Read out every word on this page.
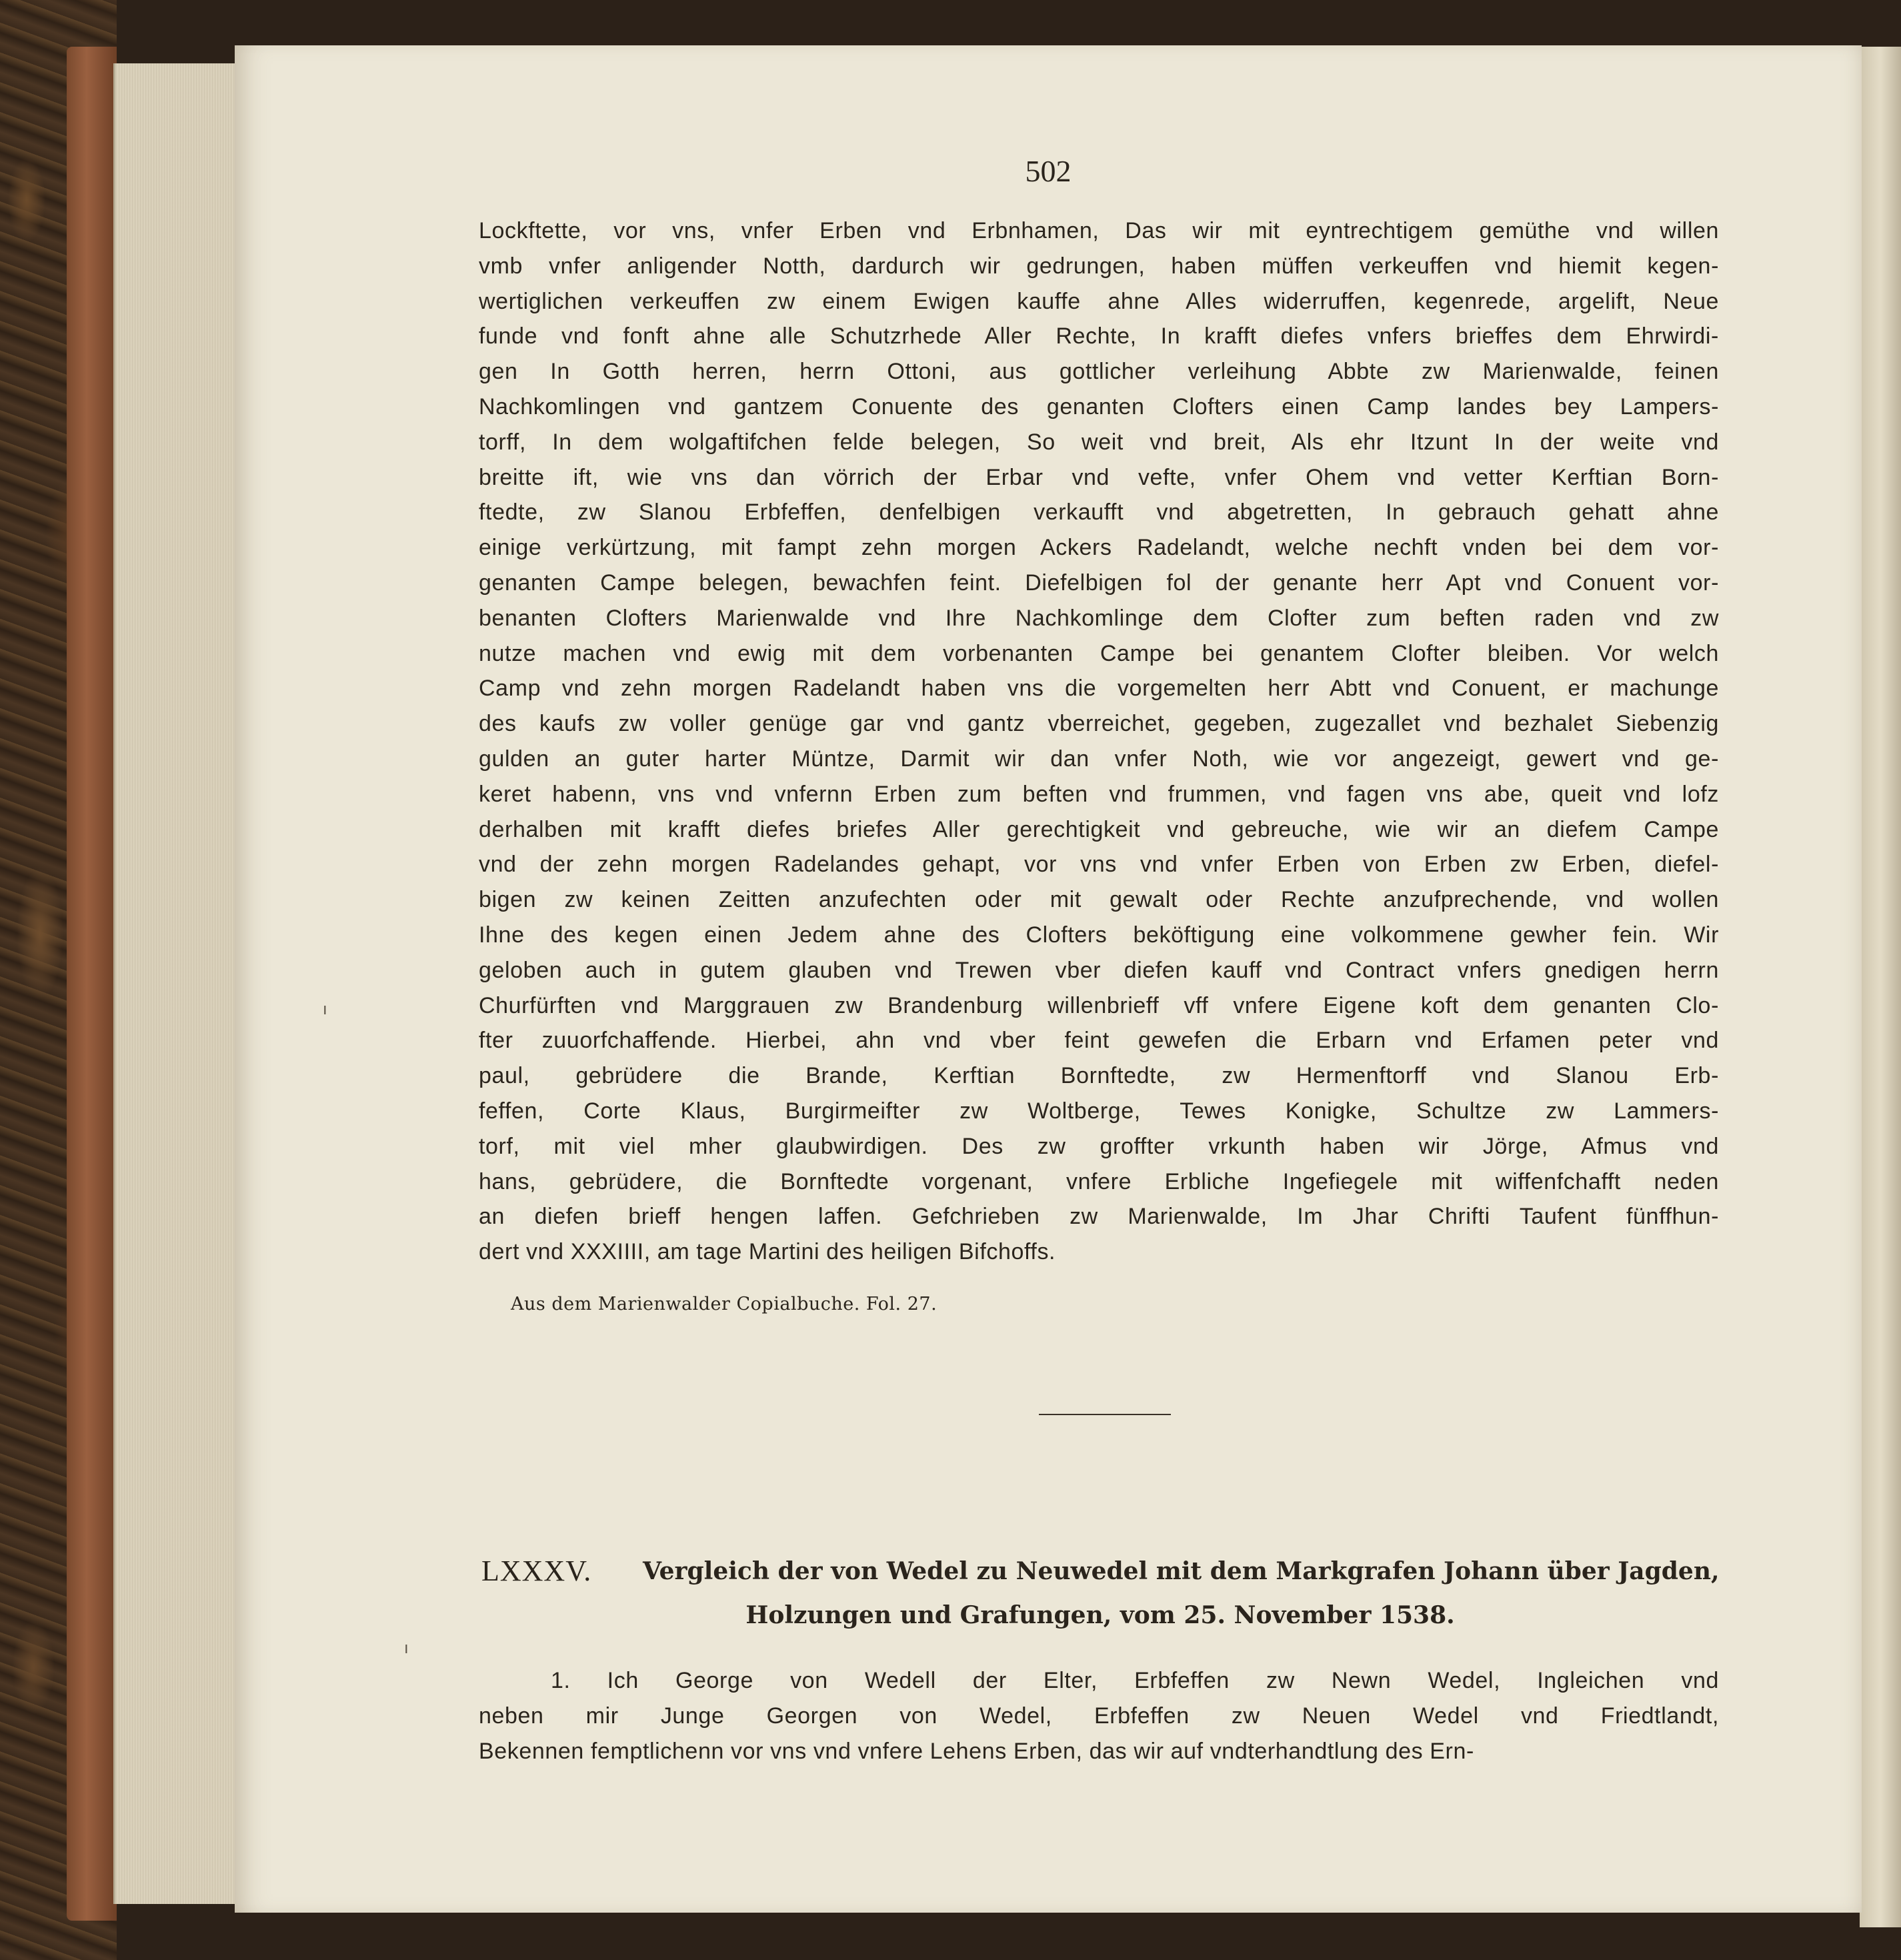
502
Lockftette, vor vns, vnfer Erben vnd Erbnhamen, Das wir mit eyntrechtigem gemüthe vnd willen
vmb vnfer anligender Notth, dardurch wir gedrungen, haben müffen verkeuffen vnd hiemit kegen-
wertiglichen verkeuffen zw einem Ewigen kauffe ahne Alles widerruffen, kegenrede, argelift, Neue
funde vnd fonft ahne alle Schutzrhede Aller Rechte, In krafft diefes vnfers brieffes dem Ehrwirdi-
gen In Gotth herren, herrn Ottoni, aus gottlicher verleihung Abbte zw Marienwalde, feinen
Nachkomlingen vnd gantzem Conuente des genanten Clofters einen Camp landes bey Lampers-
torff, In dem wolgaftifchen felde belegen, So weit vnd breit, Als ehr Itzunt In der weite vnd
breitte ift, wie vns dan vörrich der Erbar vnd vefte, vnfer Ohem vnd vetter Kerftian Born-
ftedte, zw Slanou Erbfeffen, denfelbigen verkaufft vnd abgetretten, In gebrauch gehatt ahne
einige verkürtzung, mit fampt zehn morgen Ackers Radelandt, welche nechft vnden bei dem vor-
genanten Campe belegen, bewachfen feint. Diefelbigen fol der genante herr Apt vnd Conuent vor-
benanten Clofters Marienwalde vnd Ihre Nachkomlinge dem Clofter zum beften raden vnd zw
nutze machen vnd ewig mit dem vorbenanten Campe bei genantem Clofter bleiben. Vor welch
Camp vnd zehn morgen Radelandt haben vns die vorgemelten herr Abtt vnd Conuent, er machunge
des kaufs zw voller genüge gar vnd gantz vberreichet, gegeben, zugezallet vnd bezhalet Siebenzig
gulden an guter harter Müntze, Darmit wir dan vnfer Noth, wie vor angezeigt, gewert vnd ge-
keret habenn, vns vnd vnfernn Erben zum beften vnd frummen, vnd fagen vns abe, queit vnd lofz
derhalben mit krafft diefes briefes Aller gerechtigkeit vnd gebreuche, wie wir an diefem Campe
vnd der zehn morgen Radelandes gehapt, vor vns vnd vnfer Erben von Erben zw Erben, diefel-
bigen zw keinen Zeitten anzufechten oder mit gewalt oder Rechte anzufprechende, vnd wollen
Ihne des kegen einen Jedem ahne des Clofters beköftigung eine volkommene gewher fein. Wir
geloben auch in gutem glauben vnd Trewen vber diefen kauff vnd Contract vnfers gnedigen herrn
Churfürften vnd Marggrauen zw Brandenburg willenbrieff vff vnfere Eigene koft dem genanten Clo-
fter zuuorfchaffende. Hierbei, ahn vnd vber feint gewefen die Erbarn vnd Erfamen peter vnd
paul, gebrüdere die Brande, Kerftian Bornftedte, zw Hermenftorff vnd Slanou Erb-
feffen, Corte Klaus, Burgirmeifter zw Woltberge, Tewes Konigke, Schultze zw Lammers-
torf, mit viel mher glaubwirdigen. Des zw groffter vrkunth haben wir Jörge, Afmus vnd
hans, gebrüdere, die Bornftedte vorgenant, vnfere Erbliche Ingefiegele mit wiffenfchafft neden
an diefen brieff hengen laffen. Gefchrieben zw Marienwalde, Im Jhar Chrifti Taufent fünffhun-
dert vnd XXXIIII, am tage Martini des heiligen Bifchoffs.
Aus dem Marienwalder Copialbuche. Fol. 27.
LXXXV. Vergleich der von Wedel zu Neuwedel mit dem Markgrafen Johann über Jagden,
Holzungen und Grafungen, vom 25. November 1538.
1. Ich George von Wedell der Elter, Erbfeffen zw Newn Wedel, Ingleichen vnd
neben mir Junge Georgen von Wedel, Erbfeffen zw Neuen Wedel vnd Friedtlandt,
Bekennen femptlichenn vor vns vnd vnfere Lehens Erben, das wir auf vndterhandtlung des Ern-
ı
ı
